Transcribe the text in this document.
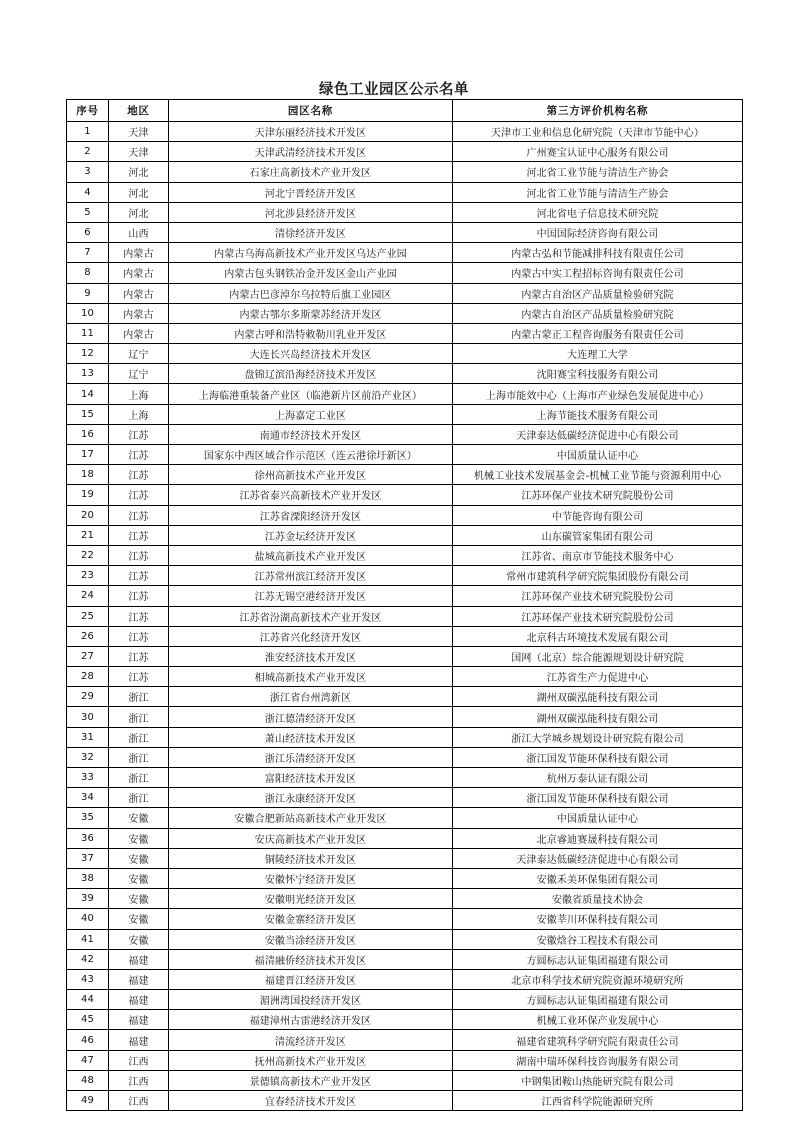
绿色工业园区公示名单
序号	地区	园区名称	第三方评价机构名称
1	天津	天津东丽经济技术开发区	天津市工业和信息化研究院（天津市节能中心）
2	天津	天津武清经济技术开发区	广州赛宝认证中心服务有限公司
3	河北	石家庄高新技术产业开发区	河北省工业节能与清洁生产协会
4	河北	河北宁晋经济开发区	河北省工业节能与清洁生产协会
5	河北	河北涉县经济开发区	河北省电子信息技术研究院
6	山西	清徐经济开发区	中国国际经济咨询有限公司
7	内蒙古	内蒙古乌海高新技术产业开发区乌达产业园	内蒙古弘和节能减排科技有限责任公司
8	内蒙古	内蒙古包头钢铁冶金开发区金山产业园	内蒙古中实工程招标咨询有限责任公司
9	内蒙古	内蒙古巴彦淖尔乌拉特后旗工业园区	内蒙古自治区产品质量检验研究院
10	内蒙古	内蒙古鄂尔多斯蒙苏经济开发区	内蒙古自治区产品质量检验研究院
11	内蒙古	内蒙古呼和浩特敕勒川乳业开发区	内蒙古蒙正工程咨询服务有限责任公司
12	辽宁	大连长兴岛经济技术开发区	大连理工大学
13	辽宁	盘锦辽滨沿海经济技术开发区	沈阳赛宝科技服务有限公司
14	上海	上海临港重装备产业区（临港新片区前沿产业区）	上海市能效中心（上海市产业绿色发展促进中心）
15	上海	上海嘉定工业区	上海节能技术服务有限公司
16	江苏	南通市经济技术开发区	天津泰达低碳经济促进中心有限公司
17	江苏	国家东中西区域合作示范区（连云港徐圩新区）	中国质量认证中心
18	江苏	徐州高新技术产业开发区	机械工业技术发展基金会-机械工业节能与资源利用中心
19	江苏	江苏省泰兴高新技术产业开发区	江苏环保产业技术研究院股份公司
20	江苏	江苏省溧阳经济开发区	中节能咨询有限公司
21	江苏	江苏金坛经济开发区	山东碳管家集团有限公司
22	江苏	盐城高新技术产业开发区	江苏省、南京市节能技术服务中心
23	江苏	江苏常州滨江经济开发区	常州市建筑科学研究院集团股份有限公司
24	江苏	江苏无锡空港经济开发区	江苏环保产业技术研究院股份公司
25	江苏	江苏省汾湖高新技术产业开发区	江苏环保产业技术研究院股份公司
26	江苏	江苏省兴化经济开发区	北京科古环境技术发展有限公司
27	江苏	淮安经济技术开发区	国网（北京）综合能源规划设计研究院
28	江苏	相城高新技术产业开发区	江苏省生产力促进中心
29	浙江	浙江省台州湾新区	湖州双碳泓能科技有限公司
30	浙江	浙江德清经济开发区	湖州双碳泓能科技有限公司
31	浙江	萧山经济技术开发区	浙江大学城乡规划设计研究院有限公司
32	浙江	浙江乐清经济开发区	浙江国发节能环保科技有限公司
33	浙江	富阳经济技术开发区	杭州万泰认证有限公司
34	浙江	浙江永康经济开发区	浙江国发节能环保科技有限公司
35	安徽	安徽合肥新站高新技术产业开发区	中国质量认证中心
36	安徽	安庆高新技术产业开发区	北京睿迪赛晟科技有限公司
37	安徽	铜陵经济技术开发区	天津泰达低碳经济促进中心有限公司
38	安徽	安徽怀宁经济开发区	安徽禾美环保集团有限公司
39	安徽	安徽明光经济开发区	安徽省质量技术协会
40	安徽	安徽金寨经济开发区	安徽莘川环保科技有限公司
41	安徽	安徽当涂经济开发区	安徽焓谷工程技术有限公司
42	福建	福清融侨经济技术开发区	方圆标志认证集团福建有限公司
43	福建	福建晋江经济开发区	北京市科学技术研究院资源环境研究所
44	福建	湄洲湾国投经济开发区	方圆标志认证集团福建有限公司
45	福建	福建漳州古雷港经济开发区	机械工业环保产业发展中心
46	福建	清流经济开发区	福建省建筑科学研究院有限责任公司
47	江西	抚州高新技术产业开发区	湖南中瑞环保科技咨询服务有限公司
48	江西	景德镇高新技术产业开发区	中钢集团鞍山热能研究院有限公司
49	江西	宜春经济技术开发区	江西省科学院能源研究所
